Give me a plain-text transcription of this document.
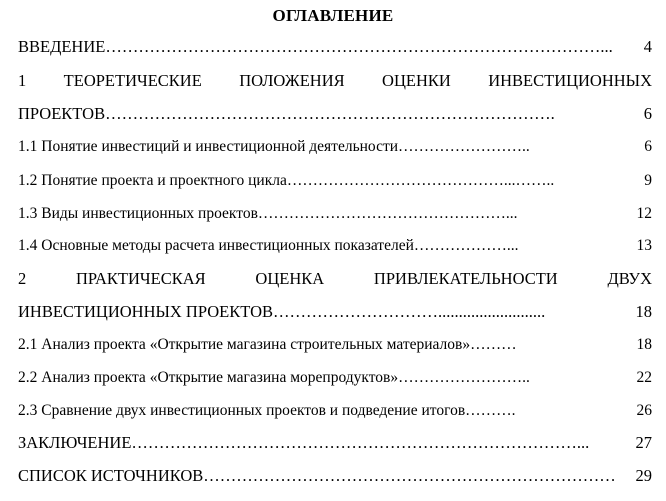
ОГЛАВЛЕНИЕ
ВВЕДЕНИЕ………………………………………………………………………………... 4
1 ТЕОРЕТИЧЕСКИЕ ПОЛОЖЕНИЯ ОЦЕНКИ ИНВЕСТИЦИОННЫХ
ПРОЕКТОВ……………………………………………………………………….	6
1.1 Понятие инвестиций и инвестиционной деятельности……………………..	6
1.2 Понятие проекта и проектного цикла……………………………………...……..	9
1.3 Виды инвестиционных проектов…………………………………………...	12
1.4 Основные методы расчета инвестиционных показателей………………...	13
2 ПРАКТИЧЕСКАЯ ОЦЕНКА ПРИВЛЕКАТЕЛЬНОСТИ ДВУХ
ИНВЕСТИЦИОННЫХ ПРОЕКТОВ…………………………..........................	18
2.1 Анализ проекта «Открытие магазина строительных материалов»………	18
2.2 Анализ проекта «Открытие магазина морепродуктов»……………………..	22
2.3 Сравнение двух инвестиционных проектов и подведение итогов……….	26
ЗАКЛЮЧЕНИЕ………………………………………………………………………...	27
СПИСОК ИСТОЧНИКОВ………………………………………………………………… 29
